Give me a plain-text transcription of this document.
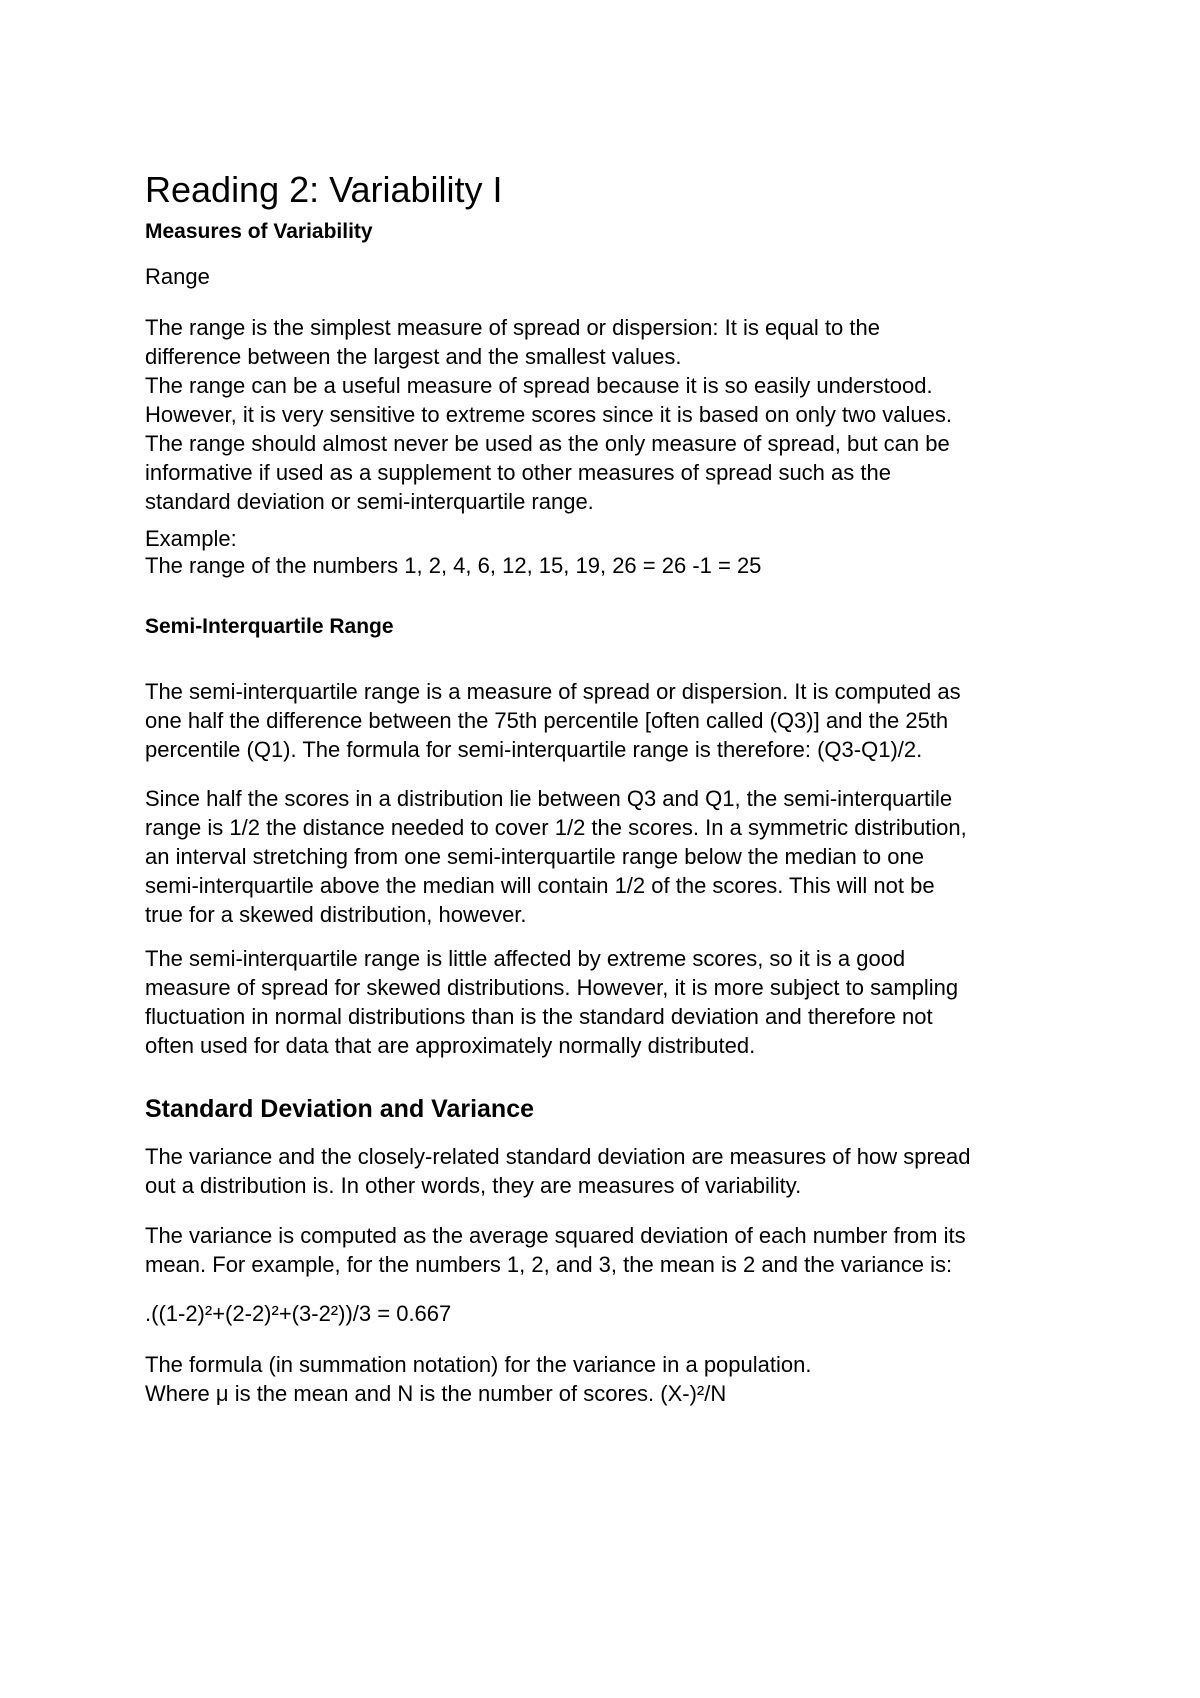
Reading 2: Variability I
Measures of Variability

Range

The range is the simplest measure of spread or dispersion: It is equal to the
difference between the largest and the smallest values.
The range can be a useful measure of spread because it is so easily understood.
However, it is very sensitive to extreme scores since it is based on only two values.
The range should almost never be used as the only measure of spread, but can be
informative if used as a supplement to other measures of spread such as the
standard deviation or semi-interquartile range.

Example:

The range of the numbers 1, 2, 4, 6, 12, 15, 19, 26 = 26 -1 = 25

Semi-Interquartile Range

The semi-interquartile range is a measure of spread or dispersion. It is computed as
one half the difference between the 75th percentile [often called (Q3)] and the 25th
percentile (Q1). The formula for semi-interquartile range is therefore: (Q3-Q1)/2.

Since half the scores in a distribution lie between Q3 and Q1, the semi-interquartile
range is 1/2 the distance needed to cover 1/2 the scores. In a symmetric distribution,
an interval stretching from one semi-interquartile range below the median to one
semi-interquartile above the median will contain 1/2 of the scores. This will not be
true for a skewed distribution, however.

The semi-interquartile range is little affected by extreme scores, so it is a good
measure of spread for skewed distributions. However, it is more subject to sampling
fluctuation in normal distributions than is the standard deviation and therefore not
often used for data that are approximately normally distributed.

Standard Deviation and Variance

The variance and the closely-related standard deviation are measures of how spread
out a distribution is. In other words, they are measures of variability.

The variance is computed as the average squared deviation of each number from its
mean. For example, for the numbers 1, 2, and 3, the mean is 2 and the variance is:

.((1-2)²+(2-2)²+(3-2²))/3 = 0.667

The formula (in summation notation) for the variance in a population.
Where μ is the mean and N is the number of scores. (X-)²/N
